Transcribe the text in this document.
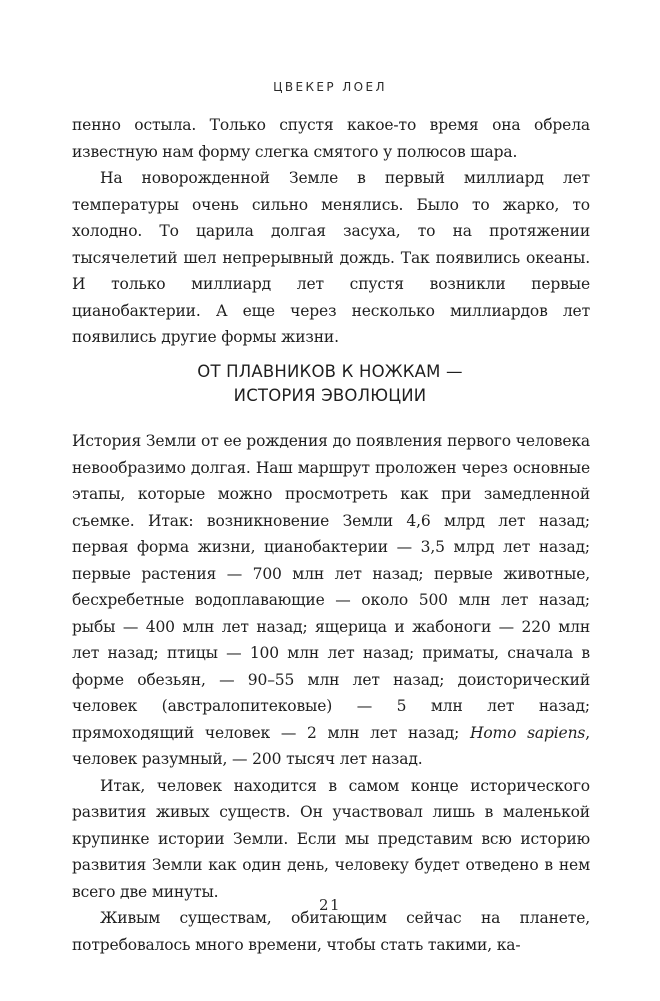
ЦВЕКЕР ЛОЕЛ

пенно остыла. Только спустя какое-то время она обрела известную нам форму слегка смятого у полюсов шара.

На новорожденной Земле в первый миллиард лет температуры очень сильно менялись. Было то жарко, то холодно. То царила долгая засуха, то на протяжении тысячелетий шел непрерывный дождь. Так появились океаны. И только миллиард лет спустя возникли первые цианобактерии. А еще через несколько миллиардов лет появились другие формы жизни.

ОТ ПЛАВНИКОВ К НОЖКАМ —
ИСТОРИЯ ЭВОЛЮЦИИ

История Земли от ее рождения до появления первого человека невообразимо долгая. Наш маршрут проложен через основные этапы, которые можно просмотреть как при замедленной съемке. Итак: возникновение Земли 4,6 млрд лет назад; первая форма жизни, цианобактерии — 3,5 млрд лет назад; первые растения — 700 млн лет назад; первые животные, бесхребетные водоплавающие — около 500 млн лет назад; рыбы — 400 млн лет назад; ящерица и жабоноги — 220 млн лет назад; птицы — 100 млн лет назад; приматы, сначала в форме обезьян, — 90–55 млн лет назад; доисторический человек (австралопитековые) — 5 млн лет назад; прямоходящий человек — 2 млн лет назад; Homo sapiens, человек разумный, — 200 тысяч лет назад.

Итак, человек находится в самом конце исторического развития живых существ. Он участвовал лишь в маленькой крупинке истории Земли. Если мы представим всю историю развития Земли как один день, человеку будет отведено в нем всего две минуты.

Живым существам, обитающим сейчас на планете, потребовалось много времени, чтобы стать такими, ка-

21
